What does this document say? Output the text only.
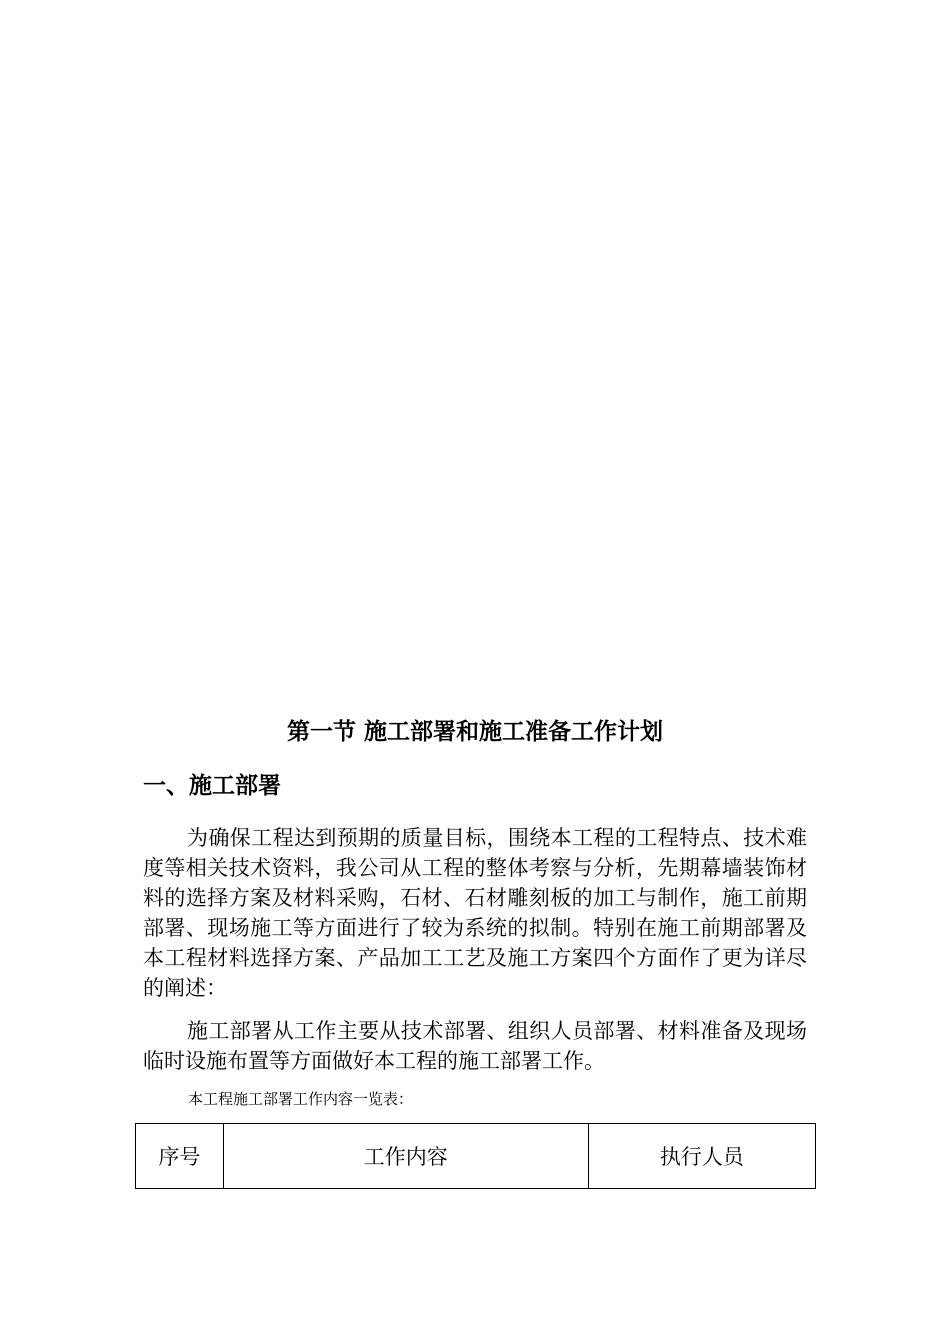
第一节 施工部署和施工准备工作计划
一、施工部署

为确保工程达到预期的质量目标，围绕本工程的工程特点、技术难度等相关技术资料，我公司从工程的整体考察与分析，先期幕墙装饰材料的选择方案及材料采购，石材、石材雕刻板的加工与制作，施工前期部署、现场施工等方面进行了较为系统的拟制。特别在施工前期部署及本工程材料选择方案、产品加工工艺及施工方案四个方面作了更为详尽的阐述：

施工部署从工作主要从技术部署、组织人员部署、材料准备及现场临时设施布置等方面做好本工程的施工部署工作。

本工程施工部署工作内容一览表：

序号	工作内容	执行人员
